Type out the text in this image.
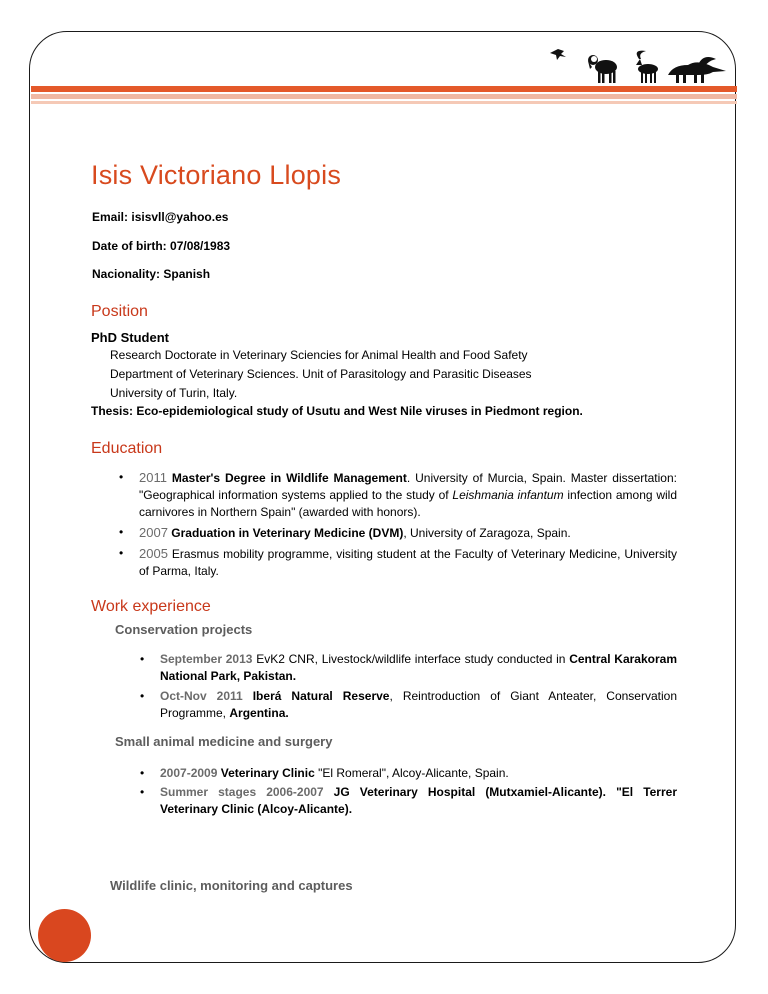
Isis Victoriano Llopis

Email: isisvll@yahoo.es

Date of birth: 07/08/1983

Nacionality: Spanish

Position

PhD Student

Research Doctorate in Veterinary Sciencies for Animal Health and Food Safety

Department of Veterinary Sciences. Unit of Parasitology and Parasitic Diseases

University of Turin, Italy.

Thesis: Eco-epidemiological study of Usutu and West Nile viruses in Piedmont region.

Education
• 2011 Master's Degree in Wildlife Management. University of Murcia, Spain. Master dissertation: "Geographical information systems applied to the study of Leishmania infantum infection among wild carnivores in Northern Spain" (awarded with honors).
• 2007 Graduation in Veterinary Medicine (DVM), University of Zaragoza, Spain.
• 2005 Erasmus mobility programme, visiting student at the Faculty of Veterinary Medicine, University of Parma, Italy.
Work experience

Conservation projects

• September 2013 EvK2 CNR, Livestock/wildlife interface study conducted in Central Karakoram National Park, Pakistan.
• Oct-Nov 2011 Iberá Natural Reserve, Reintroduction of Giant Anteater, Conservation Programme, Argentina.

Small animal medicine and surgery

• 2007-2009 Veterinary Clinic "El Romeral", Alcoy-Alicante, Spain.
• Summer stages 2006-2007 JG Veterinary Hospital (Mutxamiel-Alicante). "El Terrer Veterinary Clinic (Alcoy-Alicante).

Wildlife clinic, monitoring and captures
